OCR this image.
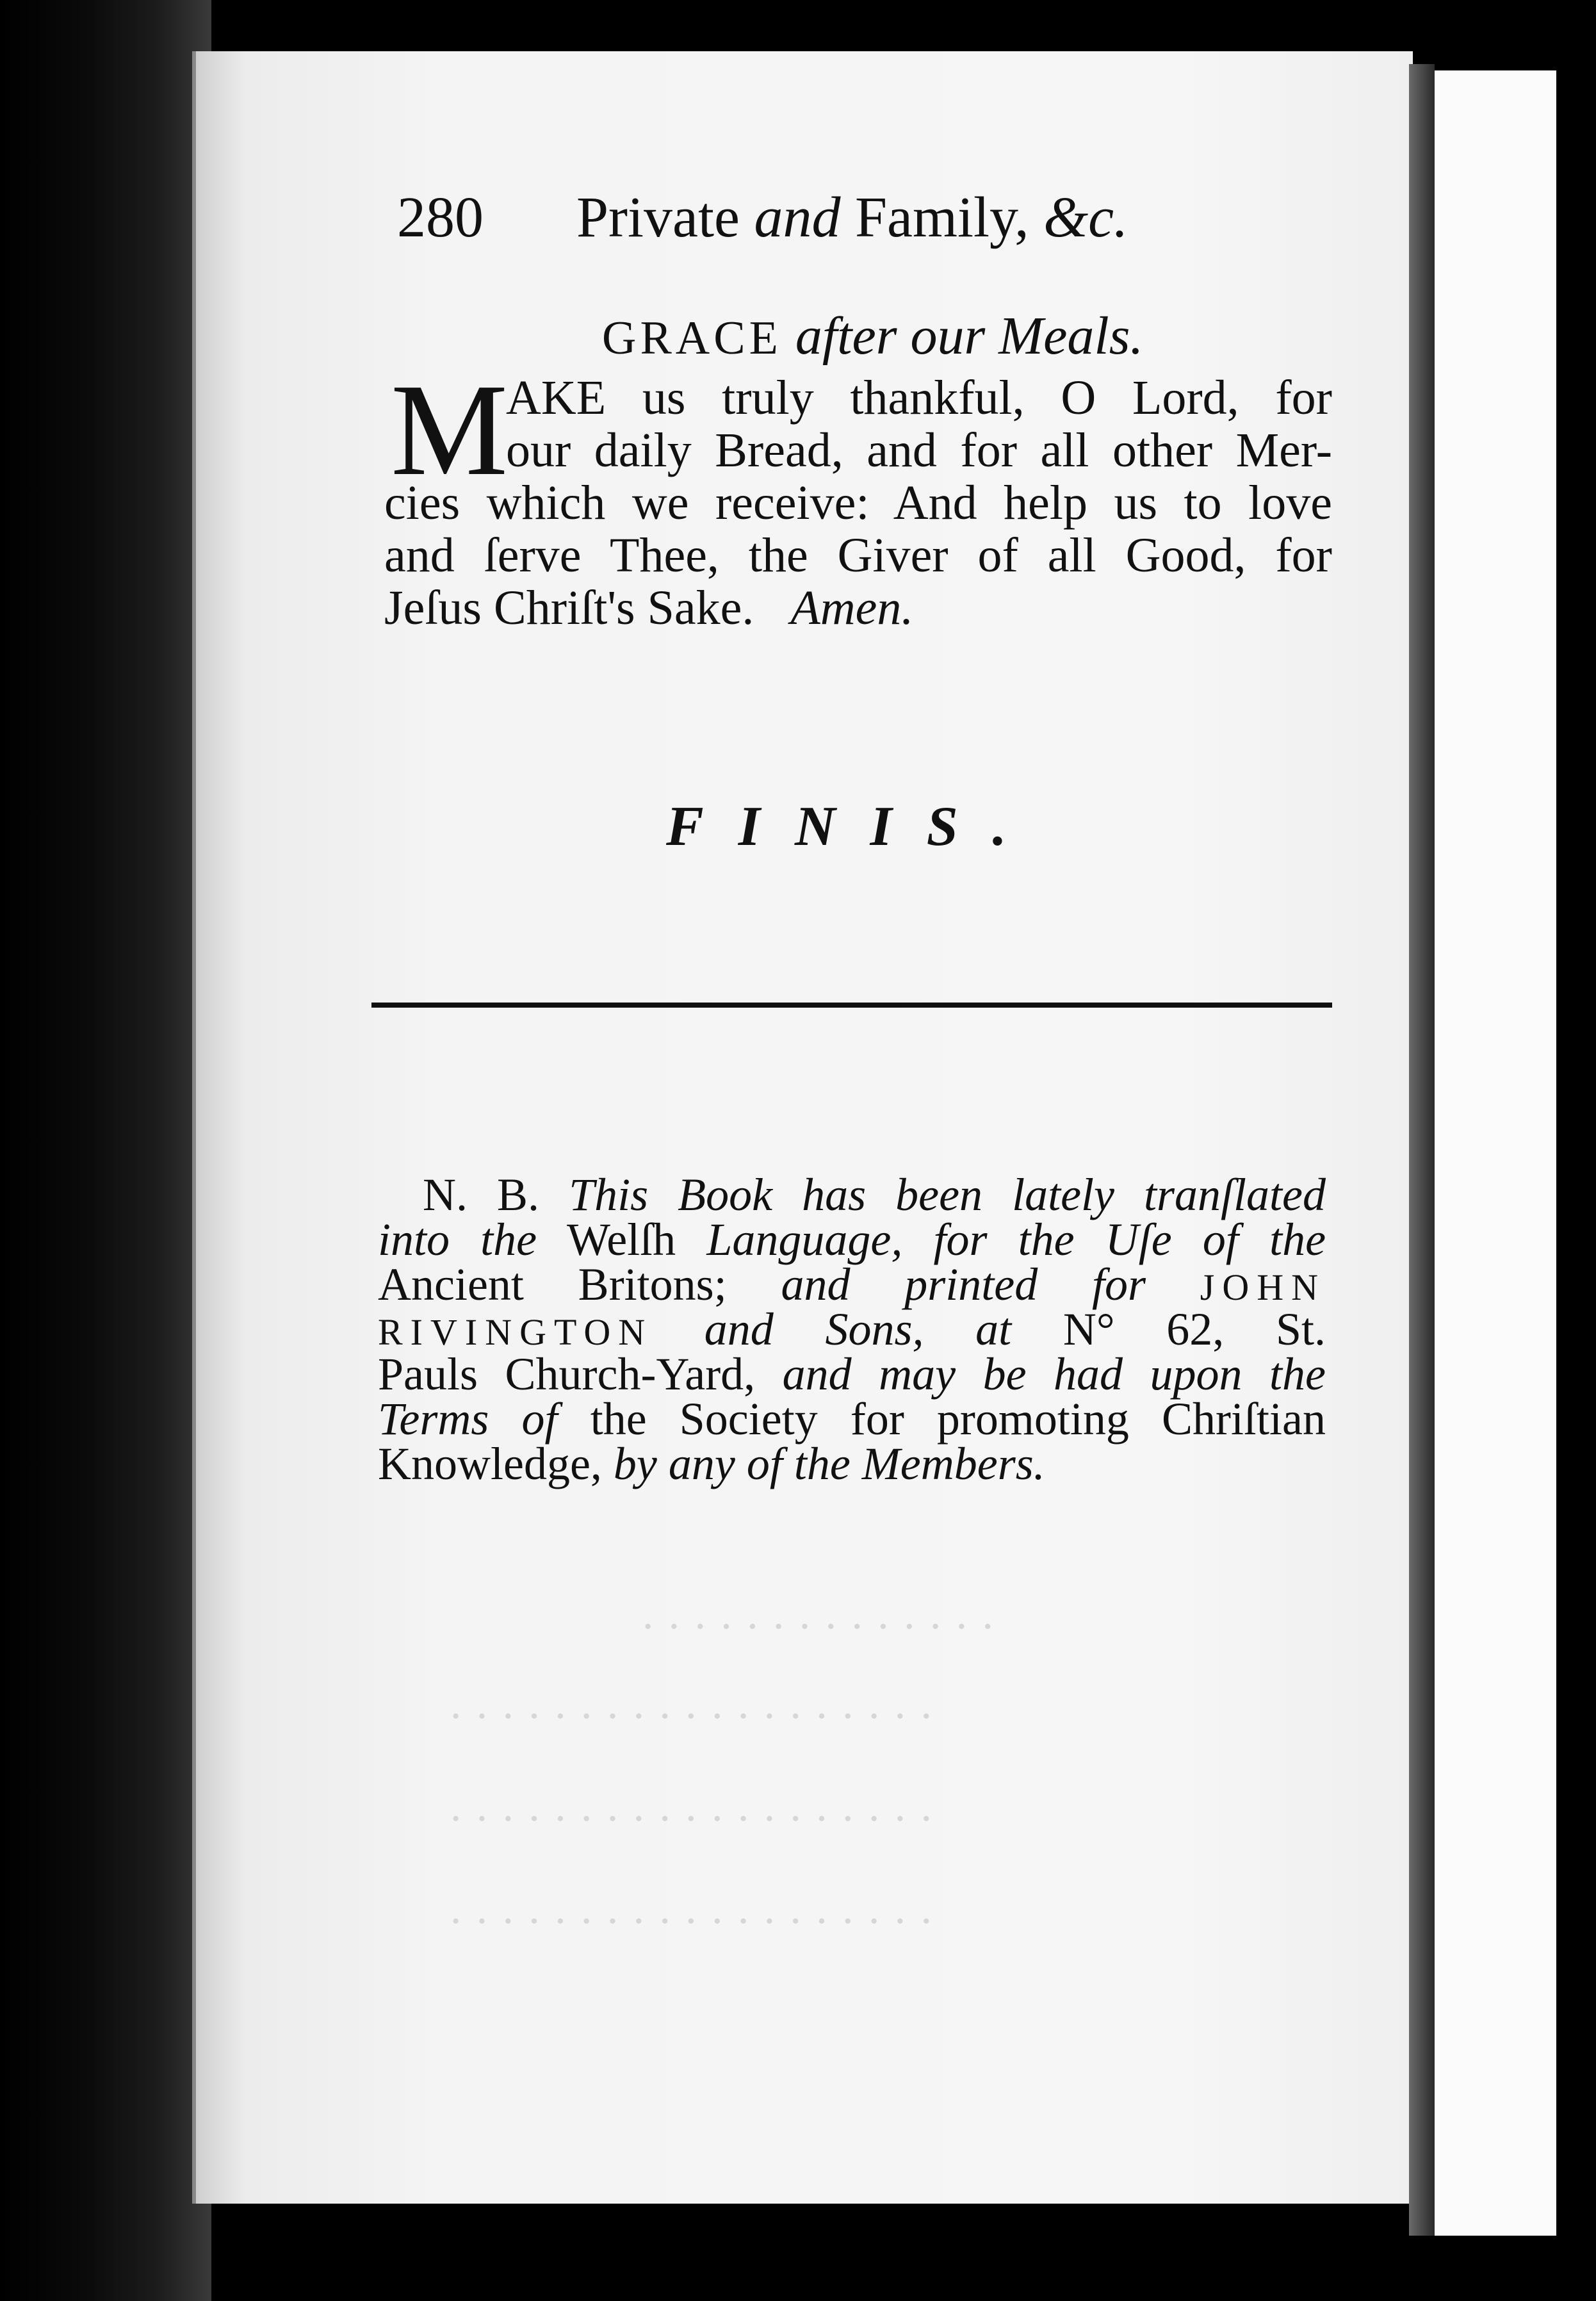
· · · · · · · · · · · · · ·
· · · · · · · · · · · · · · · · · · ·
· · · · · · · · · · · · · · · · · · ·
· · · · · · · · · · · · · · · · · · ·
280 Private and Family, &c.
GRACE after our Meals.
M
AKE us truly thankful, O Lord, for
our daily Bread, and for all other Mer-
cies which we receive: And help us to love
and ſerve Thee, the Giver of all Good, for
Jeſus Chriſt's Sake. Amen.
FINIS.
N. B. This Book has been lately tranſlated
into the Welſh Language, for the Uſe of the
Ancient Britons; and printed for JOHN
RIVINGTON and Sons, at N° 62, St.
Pauls Church-Yard, and may be had upon the
Terms of the Society for promoting Chriſtian
Knowledge, by any of the Members.
